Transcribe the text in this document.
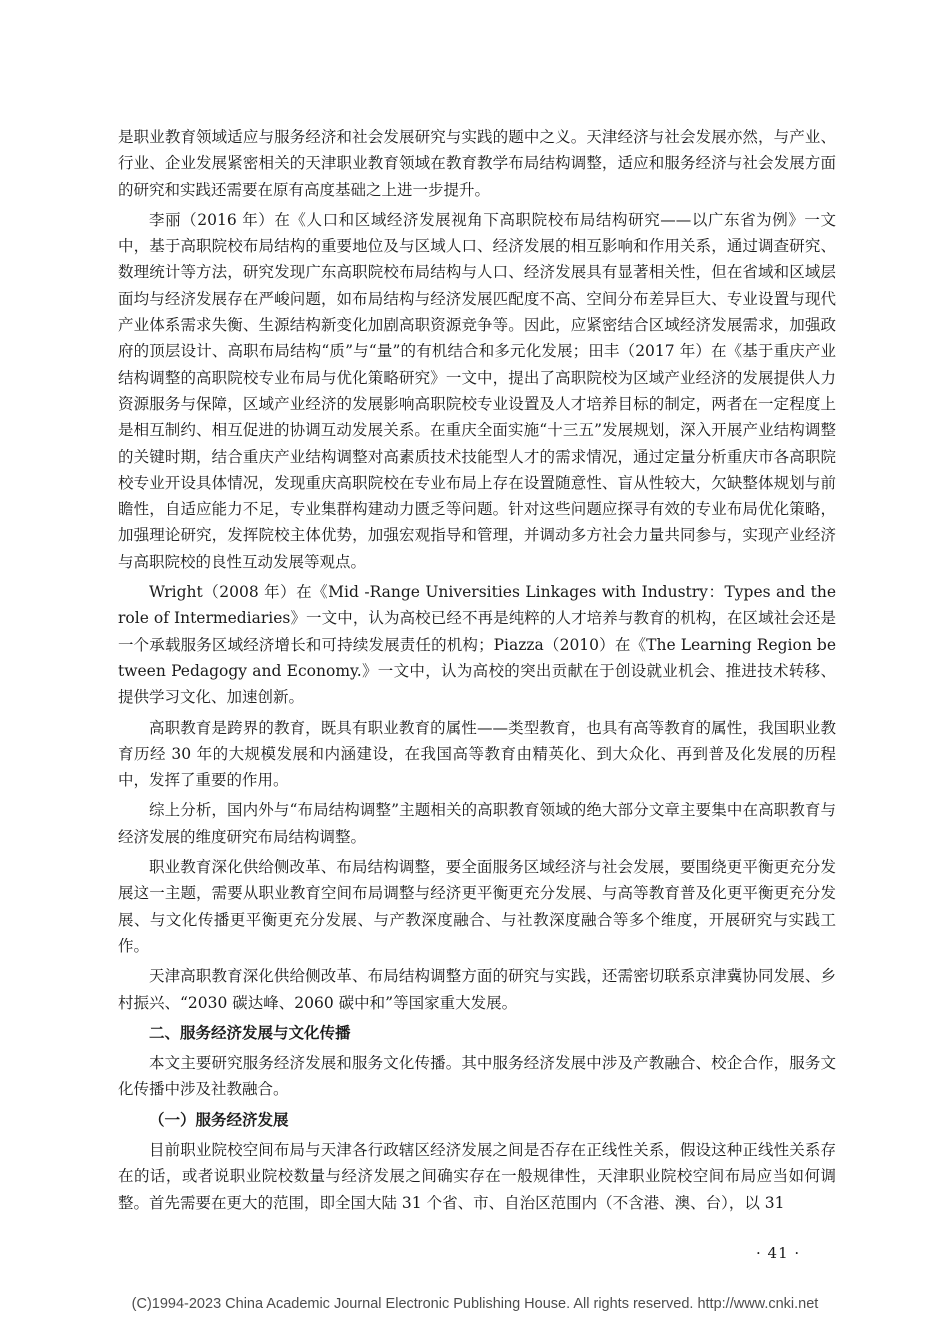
是职业教育领域适应与服务经济和社会发展研究与实践的题中之义。天津经济与社会发展亦然，与产业、行业、企业发展紧密相关的天津职业教育领域在教育教学布局结构调整，适应和服务经济与社会发展方面的研究和实践还需要在原有高度基础之上进一步提升。

李丽（2016 年）在《人口和区域经济发展视角下高职院校布局结构研究——以广东省为例》一文中，基于高职院校布局结构的重要地位及与区域人口、经济发展的相互影响和作用关系，通过调查研究、数理统计等方法，研究发现广东高职院校布局结构与人口、经济发展具有显著相关性，但在省域和区域层面均与经济发展存在严峻问题，如布局结构与经济发展匹配度不高、空间分布差异巨大、专业设置与现代产业体系需求失衡、生源结构新变化加剧高职资源竞争等。因此，应紧密结合区域经济发展需求，加强政府的顶层设计、高职布局结构“质”与“量”的有机结合和多元化发展；田丰（2017 年）在《基于重庆产业结构调整的高职院校专业布局与优化策略研究》一文中，提出了高职院校为区域产业经济的发展提供人力资源服务与保障，区域产业经济的发展影响高职院校专业设置及人才培养目标的制定，两者在一定程度上是相互制约、相互促进的协调互动发展关系。在重庆全面实施“十三五”发展规划，深入开展产业结构调整的关键时期，结合重庆产业结构调整对高素质技术技能型人才的需求情况，通过定量分析重庆市各高职院校专业开设具体情况，发现重庆高职院校在专业布局上存在设置随意性、盲从性较大，欠缺整体规划与前瞻性，自适应能力不足，专业集群构建动力匮乏等问题。针对这些问题应探寻有效的专业布局优化策略，加强理论研究，发挥院校主体优势，加强宏观指导和管理，并调动多方社会力量共同参与，实现产业经济与高职院校的良性互动发展等观点。

Wright（2008 年）在《Mid -Range Universities Linkages with Industry：Types and the role of Intermediaries》一文中，认为高校已经不再是纯粹的人才培养与教育的机构，在区域社会还是一个承载服务区域经济增长和可持续发展责任的机构；Piazza（2010）在《The Learning Region between Pedagogy and Economy.》一文中，认为高校的突出贡献在于创设就业机会、推进技术转移、提供学习文化、加速创新。

高职教育是跨界的教育，既具有职业教育的属性——类型教育，也具有高等教育的属性，我国职业教育历经 30 年的大规模发展和内涵建设，在我国高等教育由精英化、到大众化、再到普及化发展的历程中，发挥了重要的作用。

综上分析，国内外与“布局结构调整”主题相关的高职教育领域的绝大部分文章主要集中在高职教育与经济发展的维度研究布局结构调整。

职业教育深化供给侧改革、布局结构调整，要全面服务区域经济与社会发展，要围绕更平衡更充分发展这一主题，需要从职业教育空间布局调整与经济更平衡更充分发展、与高等教育普及化更平衡更充分发展、与文化传播更平衡更充分发展、与产教深度融合、与社教深度融合等多个维度，开展研究与实践工作。

天津高职教育深化供给侧改革、布局结构调整方面的研究与实践，还需密切联系京津冀协同发展、乡村振兴、“2030 碳达峰、2060 碳中和”等国家重大发展。

二、服务经济发展与文化传播

本文主要研究服务经济发展和服务文化传播。其中服务经济发展中涉及产教融合、校企合作，服务文化传播中涉及社教融合。

（一）服务经济发展

目前职业院校空间布局与天津各行政辖区经济发展之间是否存在正线性关系，假设这种正线性关系存在的话，或者说职业院校数量与经济发展之间确实存在一般规律性，天津职业院校空间布局应当如何调整。首先需要在更大的范围，即全国大陆 31 个省、市、自治区范围内（不含港、澳、台），以 31

· 41 ·
(C)1994-2023 China Academic Journal Electronic Publishing House. All rights reserved. http://www.cnki.net
